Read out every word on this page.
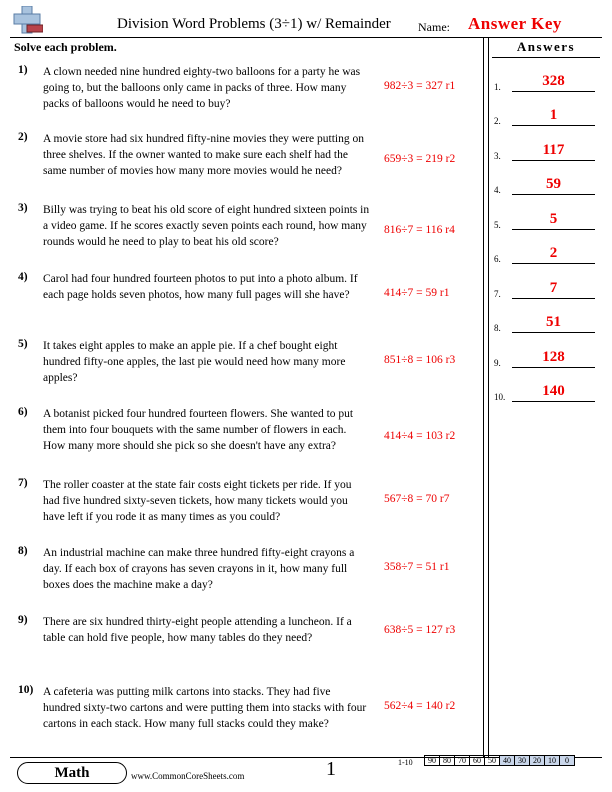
Division Word Problems (3÷1) w/ Remainder Name: Answer Key
Solve each problem.	Answers
1) A clown needed nine hundred eighty-two balloons for a party he was going to, but the balloons only came in packs of three. How many packs of balloons would he need to buy?
982÷3 = 327 r1
2) A movie store had six hundred fifty-nine movies they were putting on three shelves. If the owner wanted to make sure each shelf had the same number of movies how many more movies would he need?
659÷3 = 219 r2
3) Billy was trying to beat his old score of eight hundred sixteen points in a video game. If he scores exactly seven points each round, how many rounds would he need to play to beat his old score?
816÷7 = 116 r4
4) Carol had four hundred fourteen photos to put into a photo album. If each page holds seven photos, how many full pages will she have?	414÷7 = 59 r1
5) It takes eight apples to make an apple pie. If a chef bought eight hundred fifty-one apples, the last pie would need how many more apples?
851÷8 = 106 r3
6) A botanist picked four hundred fourteen flowers. She wanted to put them into four bouquets with the same number of flowers in each. How many more should she pick so she doesn't have any extra?
414÷4 = 103 r2
7) The roller coaster at the state fair costs eight tickets per ride. If you had five hundred sixty-seven tickets, how many tickets would you have left if you rode it as many times as you could?
567÷8 = 70 r7
8) An industrial machine can make three hundred fifty-eight crayons a day. If each box of crayons has seven crayons in it, how many full boxes does the machine make a day?
358÷7 = 51 r1
9) There are six hundred thirty-eight people attending a luncheon. If a table can hold five people, how many tables do they need?
638÷5 = 127 r3
10) A cafeteria was putting milk cartons into stacks. They had five hundred sixty-two cartons and were putting them into stacks with four cartons in each stack. How many full stacks could they make?
562÷4 = 140 r2
1.	328
2.	1
3.	117
4.	59
5.	5
6.	2
7.	7
8.	51
9.	128
10.	140
Math	www.CommonCoreSheets.com	1	1-10 90	80	70	60	50	40	30	20	10	0
